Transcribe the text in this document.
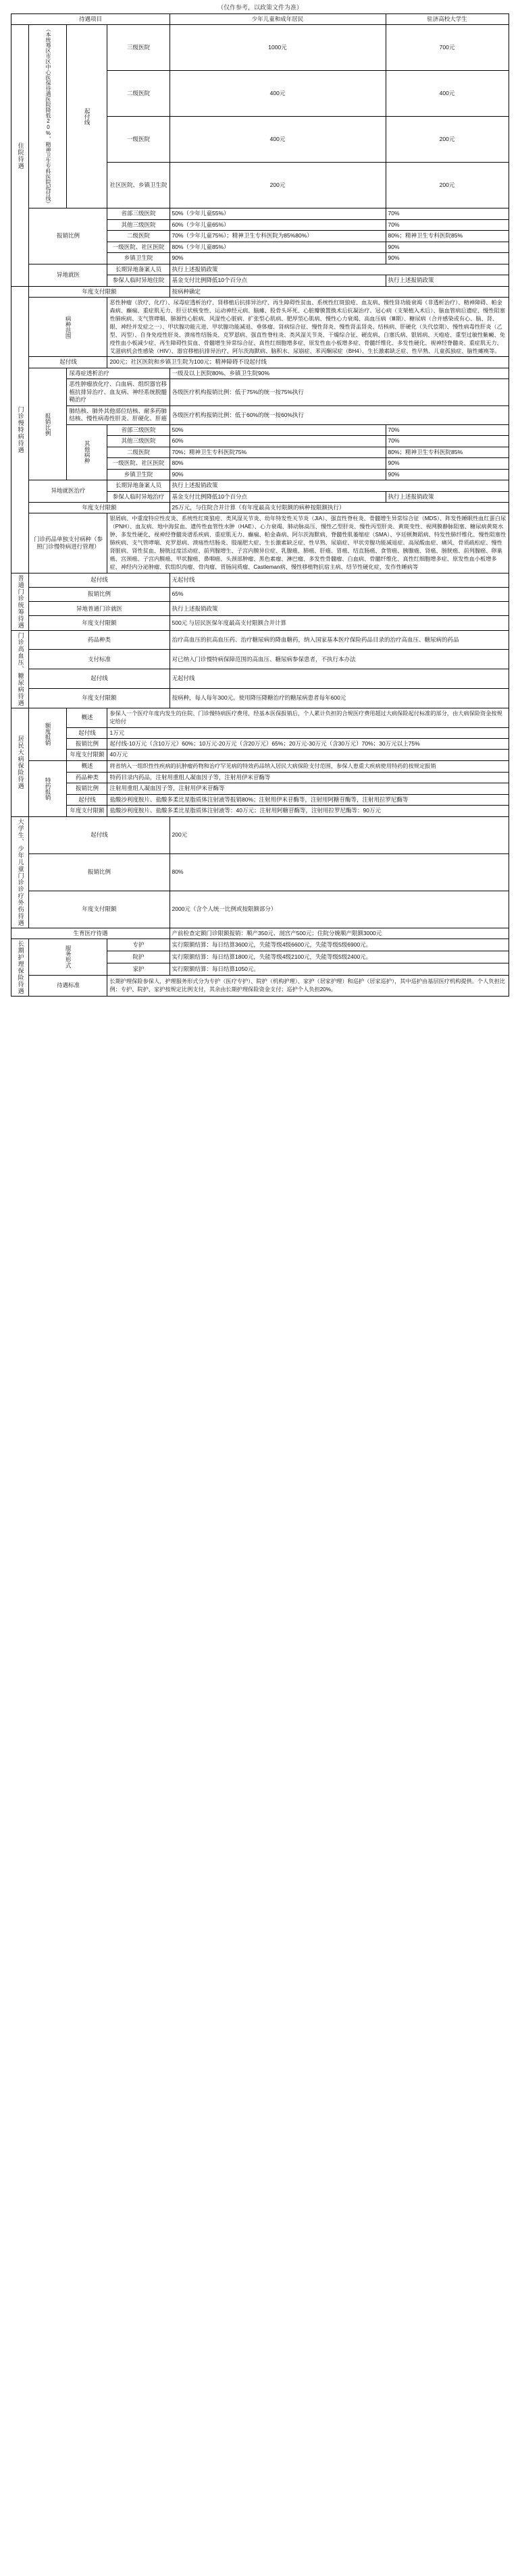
（仅作参考，以政策文件为准）
待遇项目				少年儿童和成年居民	驻济高校大学生

住院待遇	（本统筹区市区中心医保待遇医院降低20%，精神卫生专科医院起付线）	起付线	三级医院	1000元	700元
			二级医院	400元	400元
			一级医院	400元	200元
			社区医院、乡镇卫生院	200元	200元
	报销比例		省部三级医院	50%（少年儿童55%）	70%
			其他三级医院	60%（少年儿童65%）	70%
			二级医院	70%（少年儿童75%）；精神卫生专科医院为85%80%）	80%；精神卫生专科医院85%
			一级医院、社区医院	80%（少年儿童85%）	90%
			乡镇卫生院	90%	90%
	异地就医		长期异地备案人员	执行上述报销政策	
			参保人临时异地住院	基金支付比例降低10个百分点	执行上述报销政策

门诊慢特病待遇	年度支付限额			按病种确定	

	病种范围		恶性肿瘤（放疗、化疗）、尿毒症透析治疗、肾移植后抗排异治疗、再生障碍性贫血、系统性红斑狼疮、血友病、慢性肾功能衰竭（非透析治疗）、精神障碍、帕金森病、癫痫、重症肌无力、肝豆状核变性、运动神经元病、脑瘫、股骨头坏死、心脏瓣膜置换术后抗凝治疗、冠心病（支架植入术后）、脑血管病后遗症、慢性阻塞性肺疾病、支气管哮喘、肺源性心脏病、风湿性心脏病、扩张型心肌病、肥厚型心肌病、慢性心力衰竭、高血压病（Ⅲ期）、糖尿病（合并感染或有心、脑、肾、眼、神经并发症之一）、甲状腺功能亢进、甲状腺功能减退、垂体瘤、肾病综合征、慢性肾炎、慢性肾盂肾炎、结核病、肝硬化（失代偿期）、慢性病毒性肝炎（乙型、丙型）、自身免疫性肝炎、溃疡性结肠炎、克罗恩病、强直性脊柱炎、类风湿关节炎、干燥综合征、硬皮病、白塞氏病、银屑病、天疱疮、重型过敏性紫癜、免疫性血小板减少症、再生障碍性贫血、骨髓增生异常综合征、真性红细胞增多症、原发性血小板增多症、骨髓纤维化、多发性硬化、视神经脊髓炎、重症肌无力、艾滋病机会性感染（HIV）、器官移植抗排异治疗、阿尔茨海默病、脑积水、尿崩症、苯丙酮尿症（BH4）、生长激素缺乏症、性早熟、儿童孤独症、脑性瘫痪等。		
	起付线		200元；社区医院和乡镇卫生院为100元；精神障碍不设起付线		

	报销比例	尿毒症透析治疗		一级及以上医院80%、乡镇卫生院90%	
		恶性肿瘤放化疗、白血病、组织器官移植抗排异治疗、血友病、神经系统脱髓鞘治疗		各级医疗机构报销比例：低于75%的统一按75%执行	
		肺结核、肺外其他部位结核、耐多药肺结核、慢性病毒性肝炎、肝硬化、肝癌		各级医疗机构报销比例：低于60%的统一按60%执行	

		其他病种	省部三级医院	50%	70%
			其他三级医院	60%	70%
			二级医院	70%；精神卫生专科医院75%	80%；精神卫生专科医院85%
			一级医院、社区医院	80%	90%
			乡镇卫生院	90%	90%
	异地就医治疗		长期异地备案人员	执行上述报销政策	
			参保人临时异地治疗	基金支付比例降低10个百分点	执行上述报销政策
	年度支付限额			25万元，与住院合并计算（有年度最高支付限额的病种按限额执行）	
	门诊药品单独支付病种（参照门诊慢特病进行管理）		银屑病、中重度特应性皮炎、系统性红斑狼疮、类风湿关节炎、幼年特发性关节炎（JIA）、强直性脊柱炎、骨髓增生异常综合征（MDS）、阵发性睡眠性血红蛋白尿（PNH）、血友病、地中海贫血、遗传性血管性水肿（HAE）、心力衰竭、肺动脉高压、慢性乙型肝炎、慢性丙型肝炎、黄斑变性、视网膜静脉阻塞、糖尿病黄斑水肿、多发性硬化、视神经脊髓炎谱系疾病、重症肌无力、癫痫、帕金森病、阿尔茨海默病、脊髓性肌萎缩症（SMA）、亨廷顿舞蹈病、特发性肺纤维化、慢性阻塞性肺疾病、支气管哮喘、克罗恩病、溃疡性结肠炎、肢端肥大症、生长激素缺乏症、性早熟、尿崩症、甲状旁腺功能减退症、高尿酸血症、痛风、骨质疏松症、慢性肾脏病、肾性贫血、膀胱过度活动症、前列腺增生、子宫内膜异位症、乳腺癌、肺癌、肝癌、胃癌、结直肠癌、食管癌、胰腺癌、肾癌、膀胱癌、前列腺癌、卵巢癌、宫颈癌、子宫内膜癌、甲状腺癌、鼻咽癌、头颈部肿瘤、黑色素瘤、淋巴瘤、多发性骨髓瘤、白血病、骨髓纤维化、真性红细胞增多症、原发性血小板增多症、神经内分泌肿瘤、软组织肉瘤、骨肉瘤、胃肠间质瘤、Castleman病、慢性移植物抗宿主病、结节性硬化症、发作性睡病等		

普通门诊统筹待遇	起付线			无起付线	
	报销比例			65%	
	异地普通门诊就医			执行上述报销政策	
	年度支付限额			500元 与居民医保年度最高支付限额合并计算	

门诊高血压、糖尿病待遇	药品种类			治疗高血压的抗高血压药、治疗糖尿病的降血糖药，纳入国家基本医疗保险药品目录的治疗高血压、糖尿病的药品	
	支付标准			对已纳入门诊慢特病保障范围的高血压、糖尿病参保患者，不执行本办法	
	起付线			无起付线	
	年度支付限额			按病种，每人每年300元。使用降压降糖治疗的糖尿病患者每年600元	

居民大病保险待遇	额度报销	概述	参保人一个医疗年度内发生的住院、门诊慢特病医疗费用，经基本医保报销后，个人累计负担的合规医疗费用超过大病保险起付标准的部分，由大病保险资金按规定给付		
		起付线	1万元		
		报销比例	起付线-10万元（含10万元）60%；10万元-20万元（含20万元）65%；20万元-30万元（含30万元）70%；30万元以上75%		
		年度支付限额	40万元		

	特药报销	概述	将省纳入一组织性性疾病的抗肿瘤药物和治疗罕见病的特效药品纳入居民大病保险支付范围，参保人患重大疾病使用特药的按规定报销		
		药品种类	特药目录内药品，注射用重组人凝血因子等，注射用伊米苷酶等		
		报销比例	注射用重组人凝血因子等，注射用伊米苷酶等		
		起付线	盐酸沙利度胺片、盐酸多柔比星脂质体注射液等报销80%；注射用伊米苷酶等，注射用阿糖苷酶等，注射用拉罗尼酶等		
		年度支付限额	盐酸沙利度胺片、盐酸多柔比星脂质体注射液等：40万元；注射用阿糖苷酶等，注射用拉罗尼酶等：90万元		

大学生、少年儿童门诊诊疗外伤待遇	起付线			200元	
	报销比例			80%	
	年度支付限额			2000元（含个人统一比例或按限额部分）	
生育医疗待遇				产前检查定额门诊限额报销：顺产350元、剖宫产500元；住院分娩顺产限额3000元	

长期护理保险待遇	服务形式		专护	实行限额结算：每日结算3600元，失能等级4级6600元，失能等级5级6900元。	
			院护	实行限额结算：每日结算1800元，失能等级4级2100元，失能等级5级2400元。	
			家护	实行限额结算：每日结算1050元。	
	待遇标准		长期护理保险参保人，护理服务形式分为专护（医疗专护）、院护（机构护理）、家护（居家护理）和巡护（居家巡护），其中巡护由基层医疗机构提供。个人负担比例：专护、院护、家护按规定比例支付，其余由长期护理保险资金支付；巡护个人负担20%。		
